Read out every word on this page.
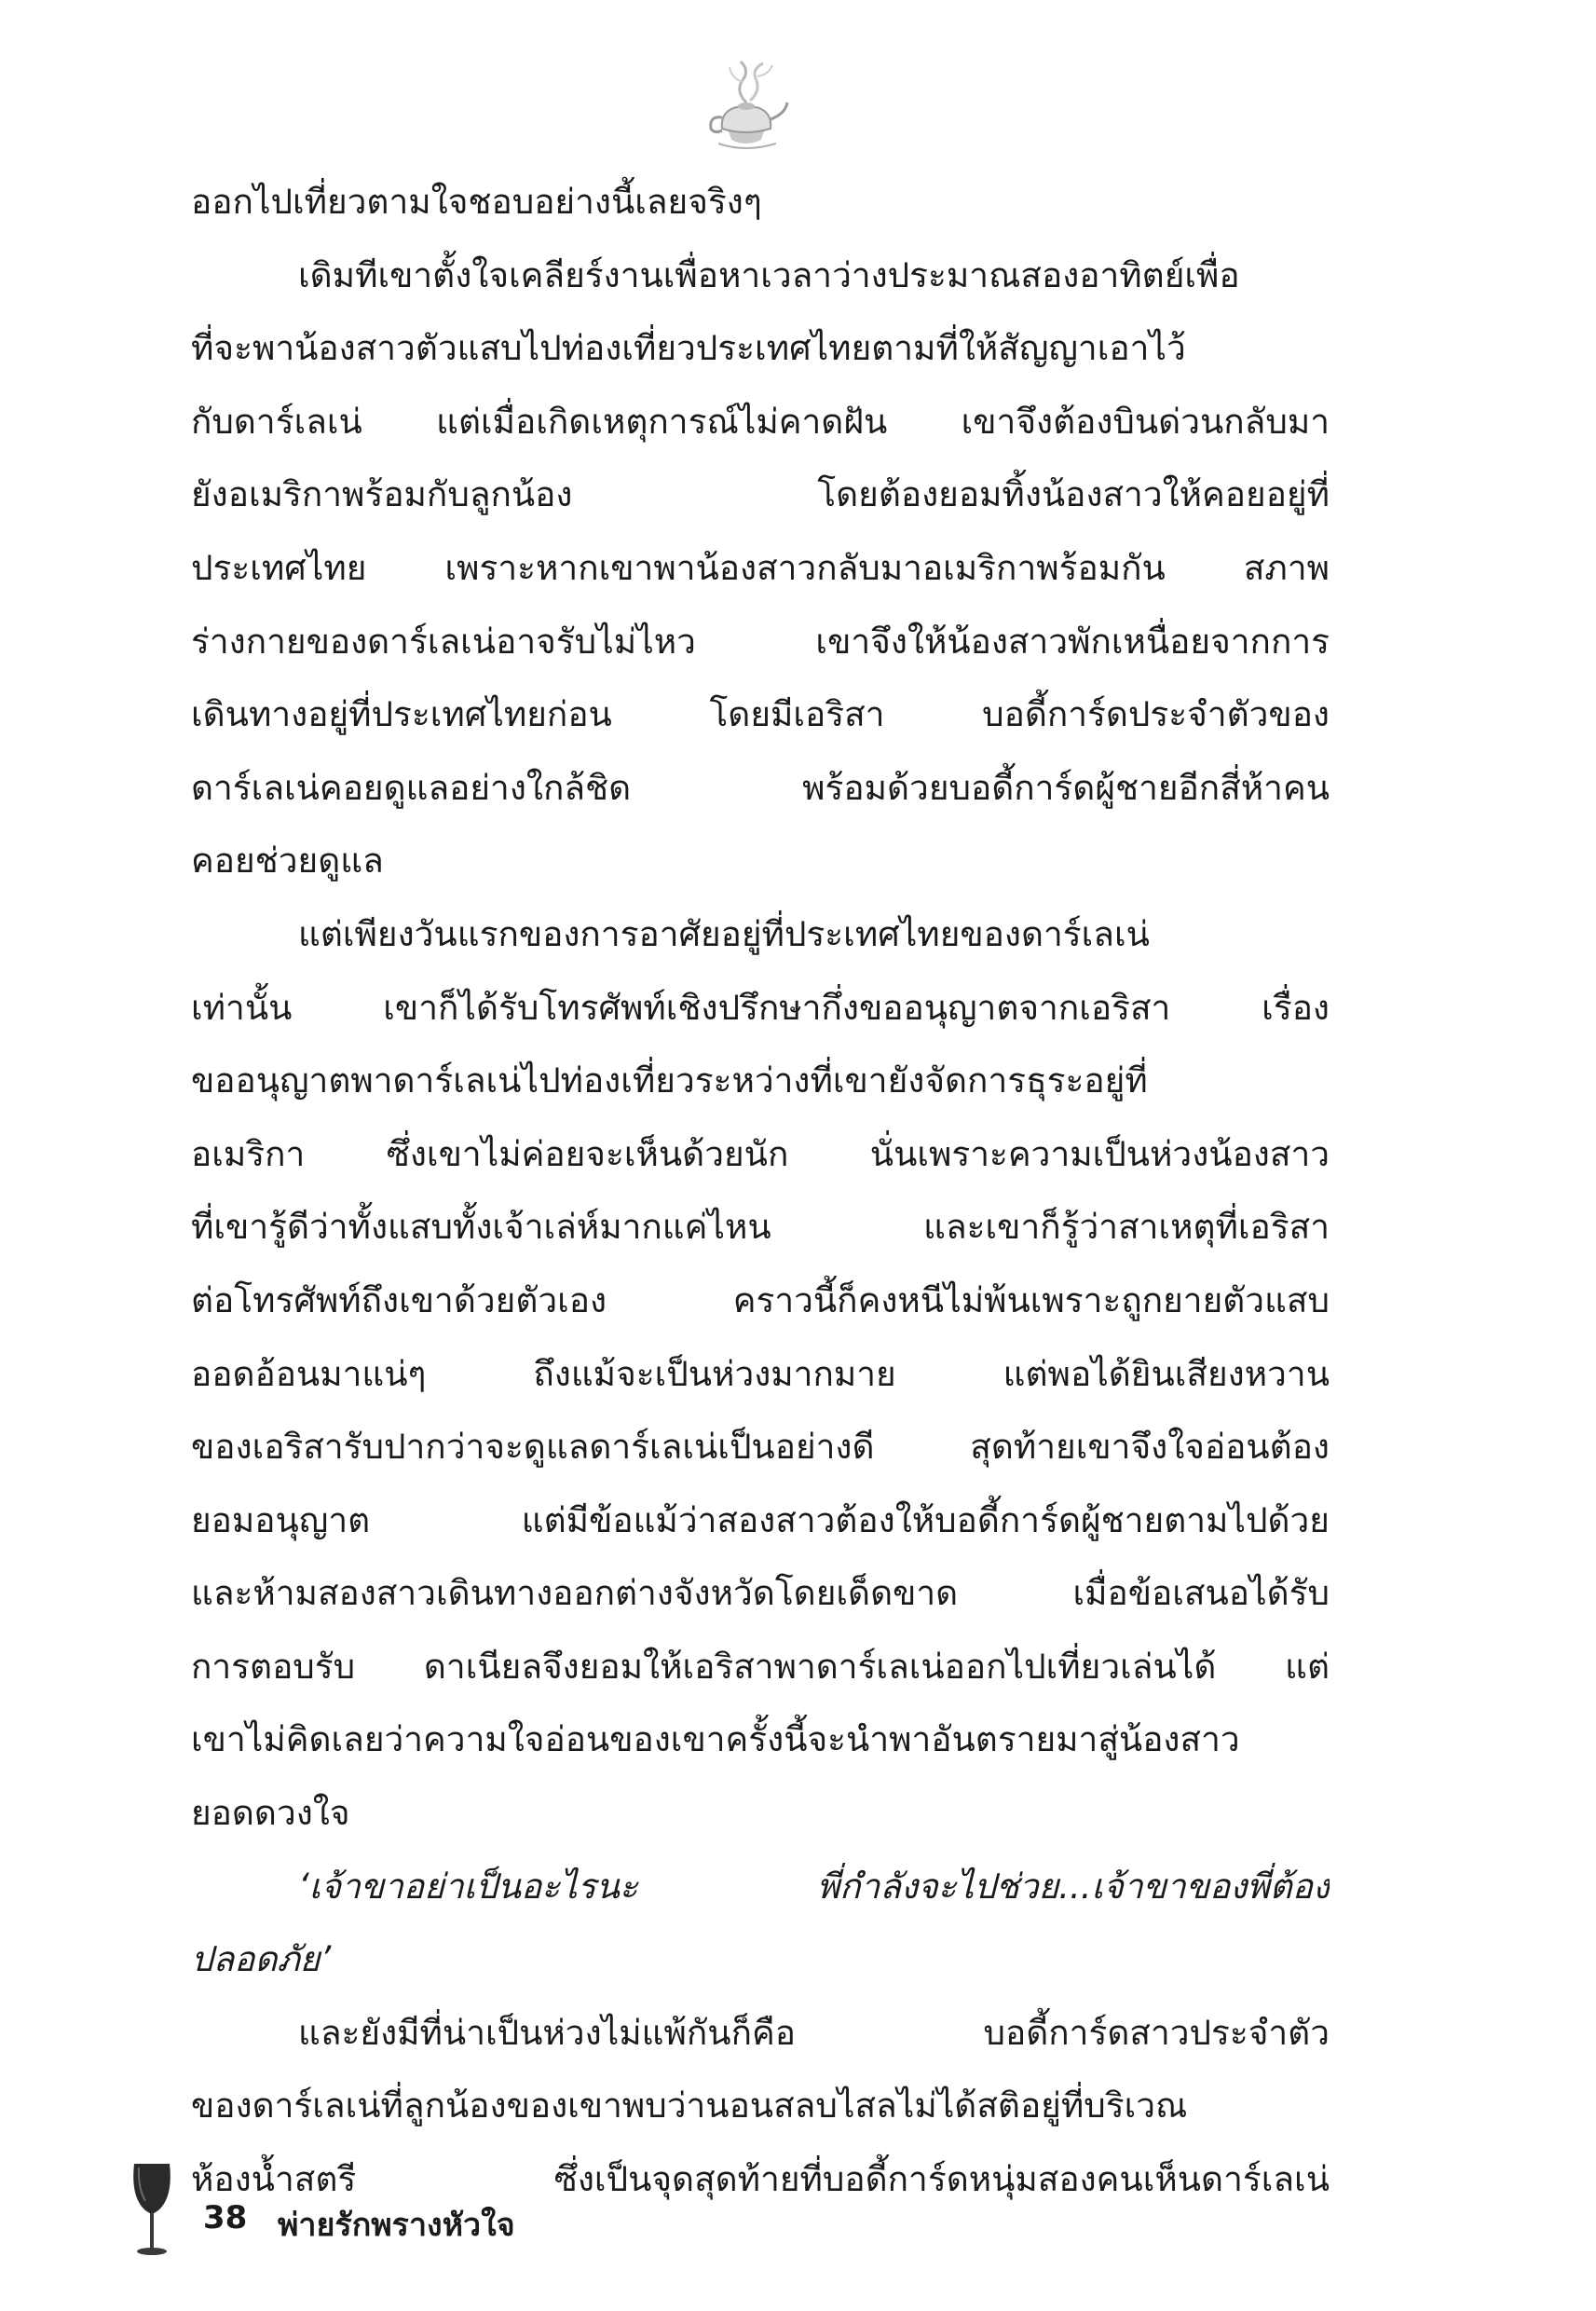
ออกไปเที่ยวตามใจชอบอย่างนี้เลยจริงๆ
เดิมทีเขาตั้งใจเคลียร์งานเพื่อหาเวลาว่างประมาณสองอาทิตย์เพื่อ
ที่จะพาน้องสาวตัวแสบไปท่องเที่ยวประเทศไทยตามที่ให้สัญญาเอาไว้
กับดาร์เลเน่ แต่เมื่อเกิดเหตุการณ์ไม่คาดฝัน เขาจึงต้องบินด่วนกลับมา
ยังอเมริกาพร้อมกับลูกน้อง โดยต้องยอมทิ้งน้องสาวให้คอยอยู่ที่
ประเทศไทย เพราะหากเขาพาน้องสาวกลับมาอเมริกาพร้อมกัน สภาพ
ร่างกายของดาร์เลเน่อาจรับไม่ไหว เขาจึงให้น้องสาวพักเหนื่อยจากการ
เดินทางอยู่ที่ประเทศไทยก่อน โดยมีเอริสา บอดี้การ์ดประจำตัวของ
ดาร์เลเน่คอยดูแลอย่างใกล้ชิด พร้อมด้วยบอดี้การ์ดผู้ชายอีกสี่ห้าคน
คอยช่วยดูแล
แต่เพียงวันแรกของการอาศัยอยู่ที่ประเทศไทยของดาร์เลเน่
เท่านั้น เขาก็ได้รับโทรศัพท์เชิงปรึกษากึ่งขออนุญาตจากเอริสา เรื่อง
ขออนุญาตพาดาร์เลเน่ไปท่องเที่ยวระหว่างที่เขายังจัดการธุระอยู่ที่
อเมริกา ซึ่งเขาไม่ค่อยจะเห็นด้วยนัก นั่นเพราะความเป็นห่วงน้องสาว
ที่เขารู้ดีว่าทั้งแสบทั้งเจ้าเล่ห์มากแค่ไหน และเขาก็รู้ว่าสาเหตุที่เอริสา
ต่อโทรศัพท์ถึงเขาด้วยตัวเอง คราวนี้ก็คงหนีไม่พ้นเพราะถูกยายตัวแสบ
ออดอ้อนมาแน่ๆ ถึงแม้จะเป็นห่วงมากมาย แต่พอได้ยินเสียงหวาน
ของเอริสารับปากว่าจะดูแลดาร์เลเน่เป็นอย่างดี สุดท้ายเขาจึงใจอ่อนต้อง
ยอมอนุญาต แต่มีข้อแม้ว่าสองสาวต้องให้บอดี้การ์ดผู้ชายตามไปด้วย
และห้ามสองสาวเดินทางออกต่างจังหวัดโดยเด็ดขาด เมื่อข้อเสนอได้รับ
การตอบรับ ดาเนียลจึงยอมให้เอริสาพาดาร์เลเน่ออกไปเที่ยวเล่นได้ แต่
เขาไม่คิดเลยว่าความใจอ่อนของเขาครั้งนี้จะนำพาอันตรายมาสู่น้องสาว
ยอดดวงใจ
‘เจ้าขาอย่าเป็นอะไรนะ พี่กำลังจะไปช่วย...เจ้าขาของพี่ต้อง
ปลอดภัย’
และยังมีที่น่าเป็นห่วงไม่แพ้กันก็คือ บอดี้การ์ดสาวประจำตัว
ของดาร์เลเน่ที่ลูกน้องของเขาพบว่านอนสลบไสลไม่ได้สติอยู่ที่บริเวณ
ห้องน้ำสตรี ซึ่งเป็นจุดสุดท้ายที่บอดี้การ์ดหนุ่มสองคนเห็นดาร์เลเน่
38 พ่ายรักพรางหัวใจ
